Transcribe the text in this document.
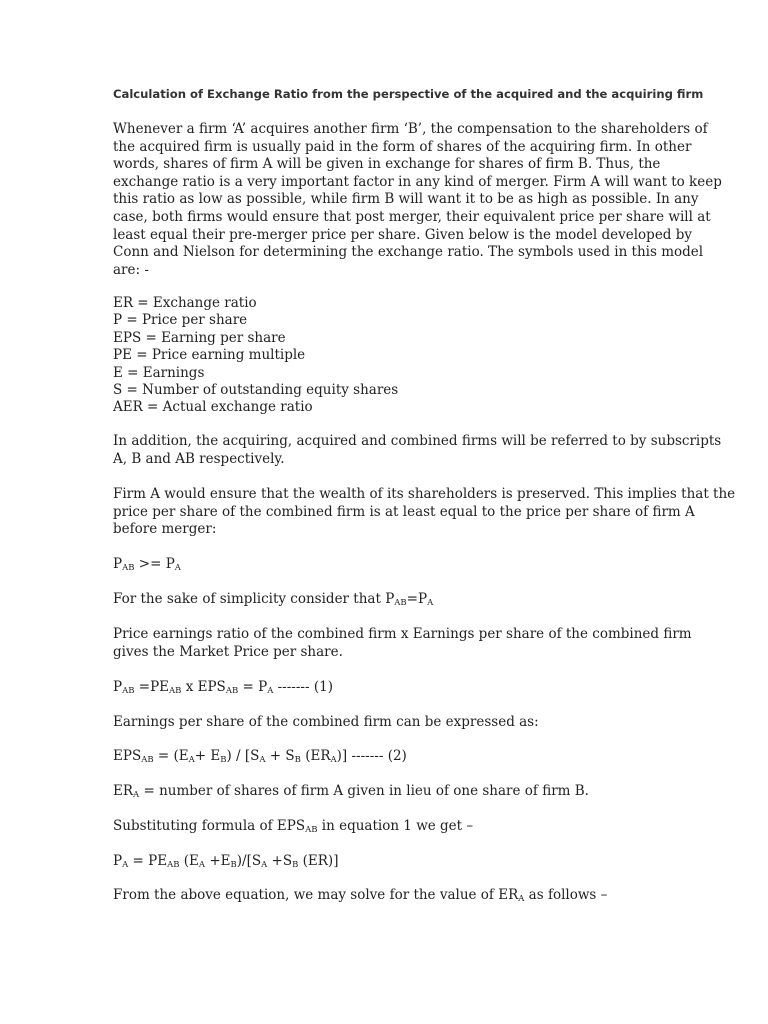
Calculation of Exchange Ratio from the perspective of the acquired and the acquiring firm

Whenever a firm ‘A’ acquires another firm ‘B’, the compensation to the shareholders of
the acquired firm is usually paid in the form of shares of the acquiring firm. In other
words, shares of firm A will be given in exchange for shares of firm B. Thus, the
exchange ratio is a very important factor in any kind of merger. Firm A will want to keep
this ratio as low as possible, while firm B will want it to be as high as possible. In any
case, both firms would ensure that post merger, their equivalent price per share will at
least equal their pre-merger price per share. Given below is the model developed by
Conn and Nielson for determining the exchange ratio. The symbols used in this model
are: -

ER = Exchange ratio
P = Price per share
EPS = Earning per share
PE = Price earning multiple
E = Earnings
S = Number of outstanding equity shares
AER = Actual exchange ratio

In addition, the acquiring, acquired and combined firms will be referred to by subscripts
A, B and AB respectively.

Firm A would ensure that the wealth of its shareholders is preserved. This implies that the
price per share of the combined firm is at least equal to the price per share of firm A
before merger:

$P_{AB} >= P_A$

For the sake of simplicity consider that $P_{AB}=P_A$

Price earnings ratio of the combined firm x Earnings per share of the combined firm
gives the Market Price per share.

$P_{AB} =PE_{AB}$ x $EPS_{AB} = P_A$ ------- (1)

Earnings per share of the combined firm can be expressed as:

$EPS_{AB} = (E_A+ E_B) / [S_A + S_B$ $(ER_A)$] ------- (2)

$ER_A$ = number of shares of firm A given in lieu of one share of firm B.

Substituting formula of $EPS_{AB}$ in equation 1 we get –

$P_A = PE_{AB}$ $(E_A +E_B)/[S_A +S_B$ (ER)]

From the above equation, we may solve for the value of $ER_A$ as follows –
